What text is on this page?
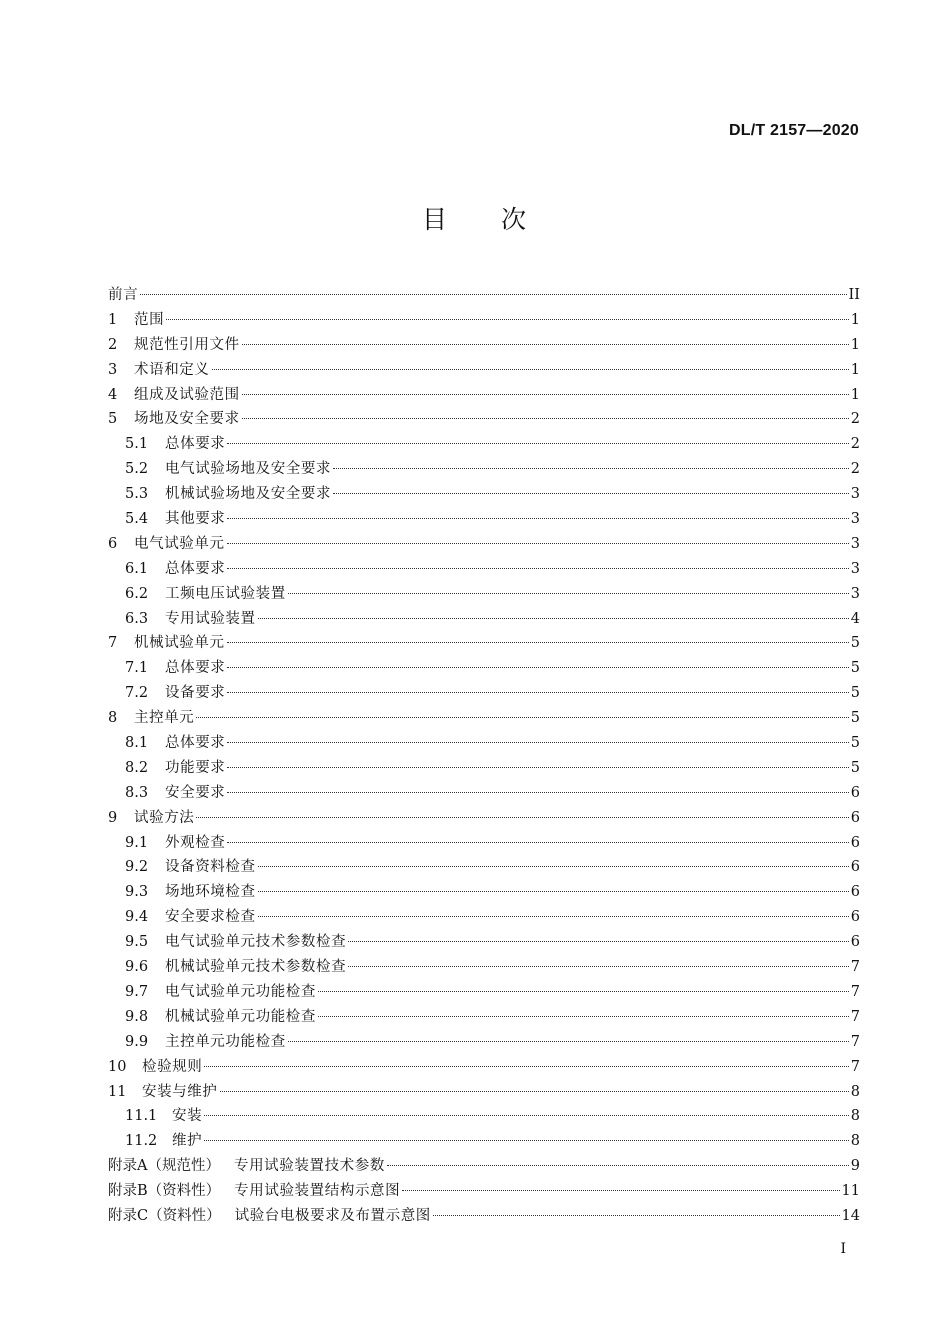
DL/T 2157—2020
目 次
前言	II
1	范围	1
2	规范性引用文件	1
3	术语和定义	1
4	组成及试验范围	1
5	场地及安全要求	2
5.1	总体要求	2
5.2	电气试验场地及安全要求	2
5.3	机械试验场地及安全要求	3
5.4	其他要求	3
6	电气试验单元	3
6.1	总体要求	3
6.2	工频电压试验装置	3
6.3	专用试验装置	4
7	机械试验单元	5
7.1	总体要求	5
7.2	设备要求	5
8	主控单元	5
8.1	总体要求	5
8.2	功能要求	5
8.3	安全要求	6
9	试验方法	6
9.1	外观检查	6
9.2	设备资料检查	6
9.3	场地环境检查	6
9.4	安全要求检查	6
9.5	电气试验单元技术参数检查	6
9.6	机械试验单元技术参数检查	7
9.7	电气试验单元功能检查	7
9.8	机械试验单元功能检查	7
9.9	主控单元功能检查	7
10	检验规则	7
11	安装与维护	8
11.1	安装	8
11.2	维护	8
附录A（规范性） 专用试验装置技术参数	9
附录B（资料性） 专用试验装置结构示意图	11
附录C（资料性） 试验台电极要求及布置示意图	14
I
